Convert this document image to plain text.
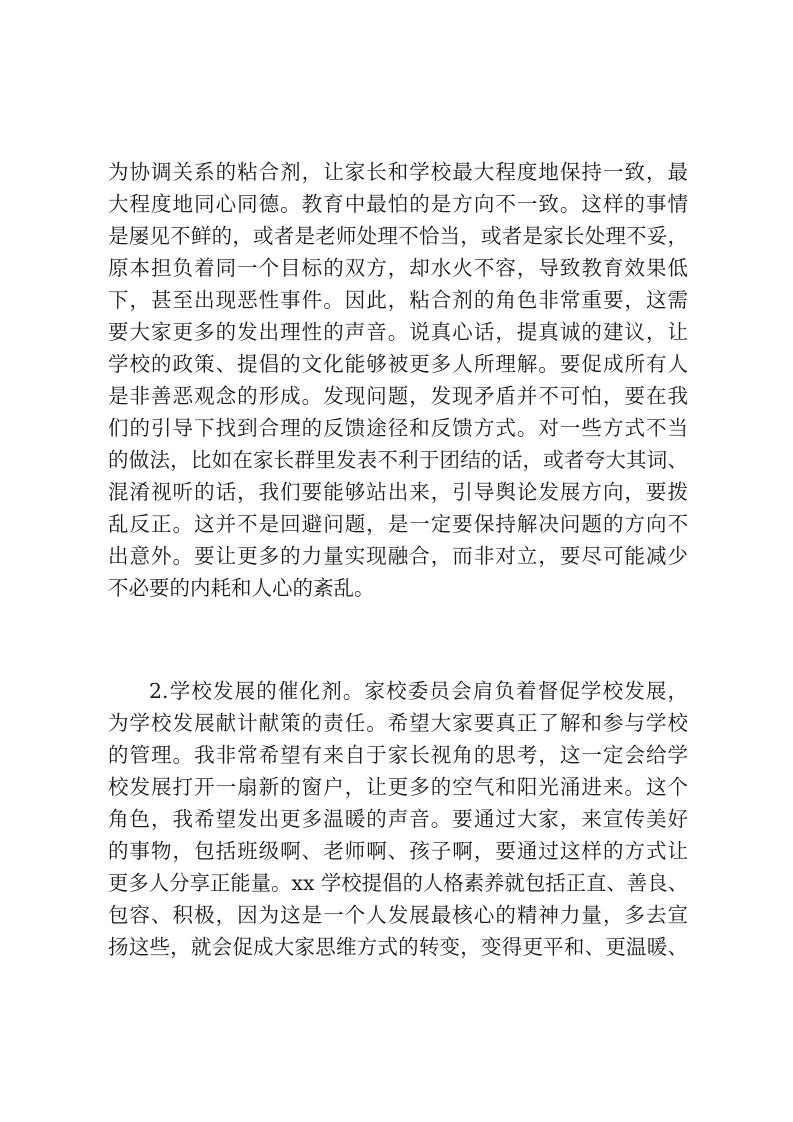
为协调关系的粘合剂，让家长和学校最大程度地保持一致，最
大程度地同心同德。教育中最怕的是方向不一致。这样的事情
是屡见不鲜的，或者是老师处理不恰当，或者是家长处理不妥，
原本担负着同一个目标的双方，却水火不容，导致教育效果低
下，甚至出现恶性事件。因此，粘合剂的角色非常重要，这需
要大家更多的发出理性的声音。说真心话，提真诚的建议，让
学校的政策、提倡的文化能够被更多人所理解。要促成所有人
是非善恶观念的形成。发现问题，发现矛盾并不可怕，要在我
们的引导下找到合理的反馈途径和反馈方式。对一些方式不当
的做法，比如在家长群里发表不利于团结的话，或者夸大其词、
混淆视听的话，我们要能够站出来，引导舆论发展方向，要拨
乱反正。这并不是回避问题，是一定要保持解决问题的方向不
出意外。要让更多的力量实现融合，而非对立，要尽可能减少
不必要的内耗和人心的紊乱。
2.学校发展的催化剂。家校委员会肩负着督促学校发展，
为学校发展献计献策的责任。希望大家要真正了解和参与学校
的管理。我非常希望有来自于家长视角的思考，这一定会给学
校发展打开一扇新的窗户，让更多的空气和阳光涌进来。这个
角色，我希望发出更多温暖的声音。要通过大家，来宣传美好
的事物，包括班级啊、老师啊、孩子啊，要通过这样的方式让
更多人分享正能量。xx 学校提倡的人格素养就包括正直、善良、
包容、积极，因为这是一个人发展最核心的精神力量，多去宣
扬这些，就会促成大家思维方式的转变，变得更平和、更温暖、
